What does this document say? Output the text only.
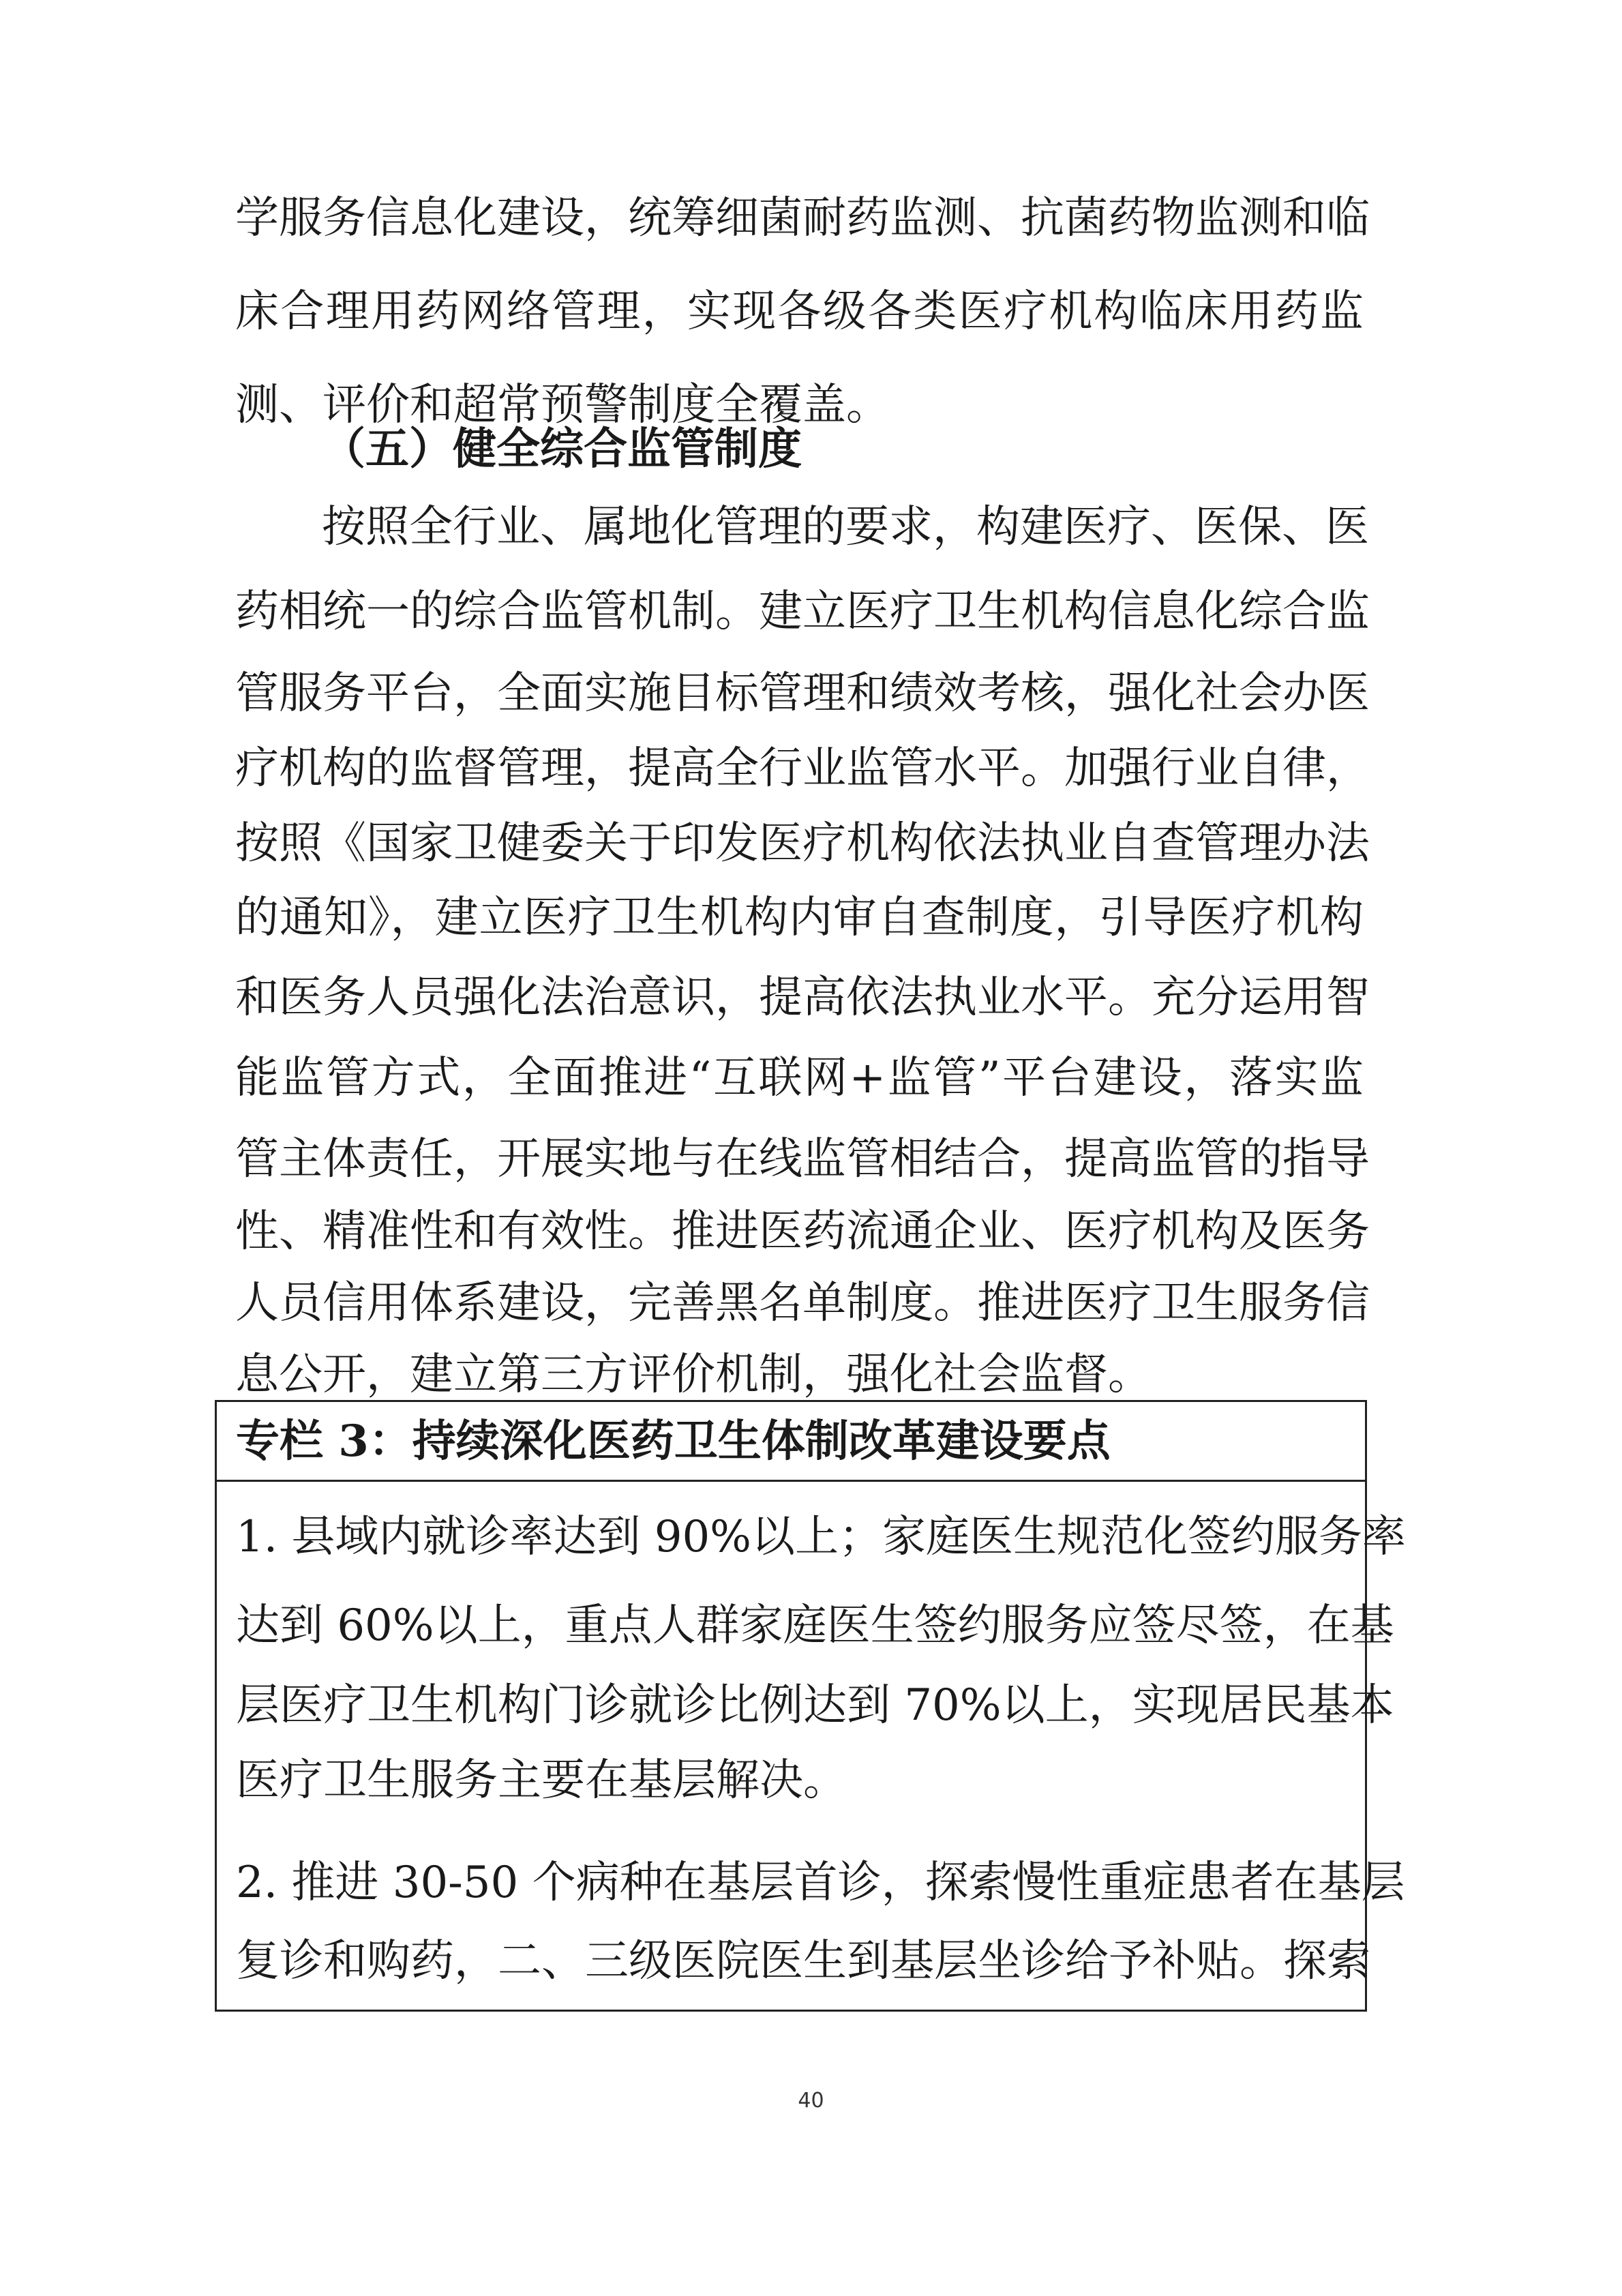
学服务信息化建设，统筹细菌耐药监测、抗菌药物监测和临
床合理用药网络管理，实现各级各类医疗机构临床用药监
测、评价和超常预警制度全覆盖。
（五）健全综合监管制度
按照全行业、属地化管理的要求，构建医疗、医保、医
药相统一的综合监管机制。建立医疗卫生机构信息化综合监
管服务平台，全面实施目标管理和绩效考核，强化社会办医
疗机构的监督管理，提高全行业监管水平。加强行业自律，
按照《国家卫健委关于印发医疗机构依法执业自查管理办法
的通知》，建立医疗卫生机构内审自查制度，引导医疗机构
和医务人员强化法治意识，提高依法执业水平。充分运用智
能监管方式，全面推进“互联网+监管”平台建设，落实监
管主体责任，开展实地与在线监管相结合，提高监管的指导
性、精准性和有效性。推进医药流通企业、医疗机构及医务
人员信用体系建设，完善黑名单制度。推进医疗卫生服务信
息公开，建立第三方评价机制，强化社会监督。
专栏 3：持续深化医药卫生体制改革建设要点
1. 县域内就诊率达到 90%以上；家庭医生规范化签约服务率
达到 60%以上，重点人群家庭医生签约服务应签尽签，在基
层医疗卫生机构门诊就诊比例达到 70%以上，实现居民基本
医疗卫生服务主要在基层解决。
2. 推进 30-50 个病种在基层首诊，探索慢性重症患者在基层
复诊和购药，二、三级医院医生到基层坐诊给予补贴。探索
40
